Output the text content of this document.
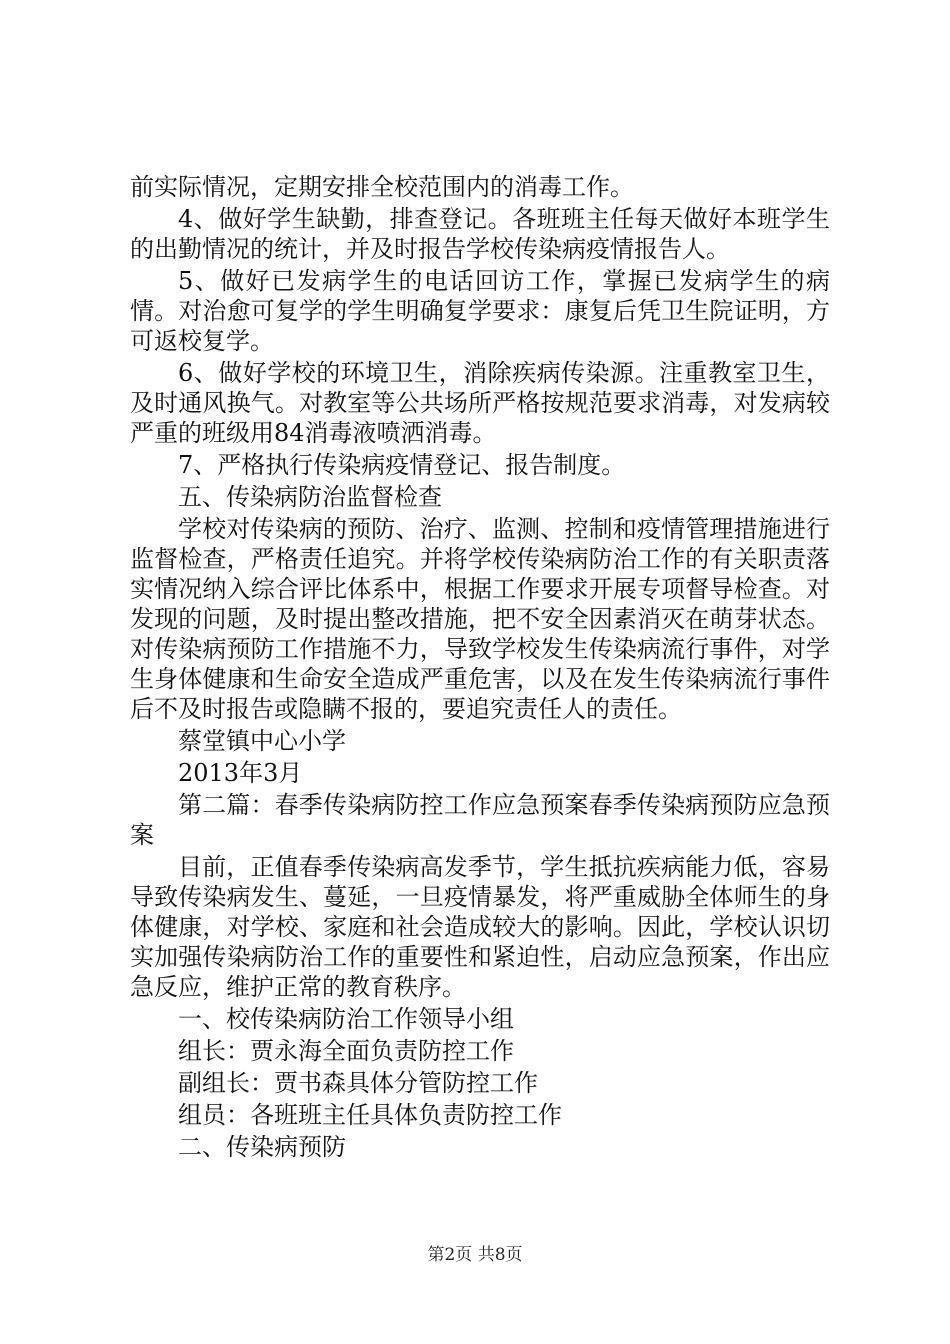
前实际情况，定期安排全校范围内的消毒工作。

4、做好学生缺勤，排查登记。各班班主任每天做好本班学生的出勤情况的统计，并及时报告学校传染病疫情报告人。

5、做好已发病学生的电话回访工作，掌握已发病学生的病情。对治愈可复学的学生明确复学要求：康复后凭卫生院证明，方可返校复学。

6、做好学校的环境卫生，消除疾病传染源。注重教室卫生，及时通风换气。对教室等公共场所严格按规范要求消毒，对发病较严重的班级用84消毒液喷洒消毒。

7、严格执行传染病疫情登记、报告制度。

五、传染病防治监督检查

学校对传染病的预防、治疗、监测、控制和疫情管理措施进行监督检查，严格责任追究。并将学校传染病防治工作的有关职责落实情况纳入综合评比体系中，根据工作要求开展专项督导检查。对发现的问题，及时提出整改措施，把不安全因素消灭在萌芽状态。对传染病预防工作措施不力，导致学校发生传染病流行事件，对学生身体健康和生命安全造成严重危害，以及在发生传染病流行事件后不及时报告或隐瞒不报的，要追究责任人的责任。

蔡堂镇中心小学

2013年3月

第二篇：春季传染病防控工作应急预案春季传染病预防应急预案

目前，正值春季传染病高发季节，学生抵抗疾病能力低，容易导致传染病发生、蔓延，一旦疫情暴发，将严重威胁全体师生的身体健康，对学校、家庭和社会造成较大的影响。因此，学校认识切实加强传染病防治工作的重要性和紧迫性，启动应急预案，作出应急反应，维护正常的教育秩序。

一、校传染病防治工作领导小组

组长：贾永海全面负责防控工作

副组长：贾书森具体分管防控工作

组员：各班班主任具体负责防控工作

二、传染病预防

第2页 共8页
